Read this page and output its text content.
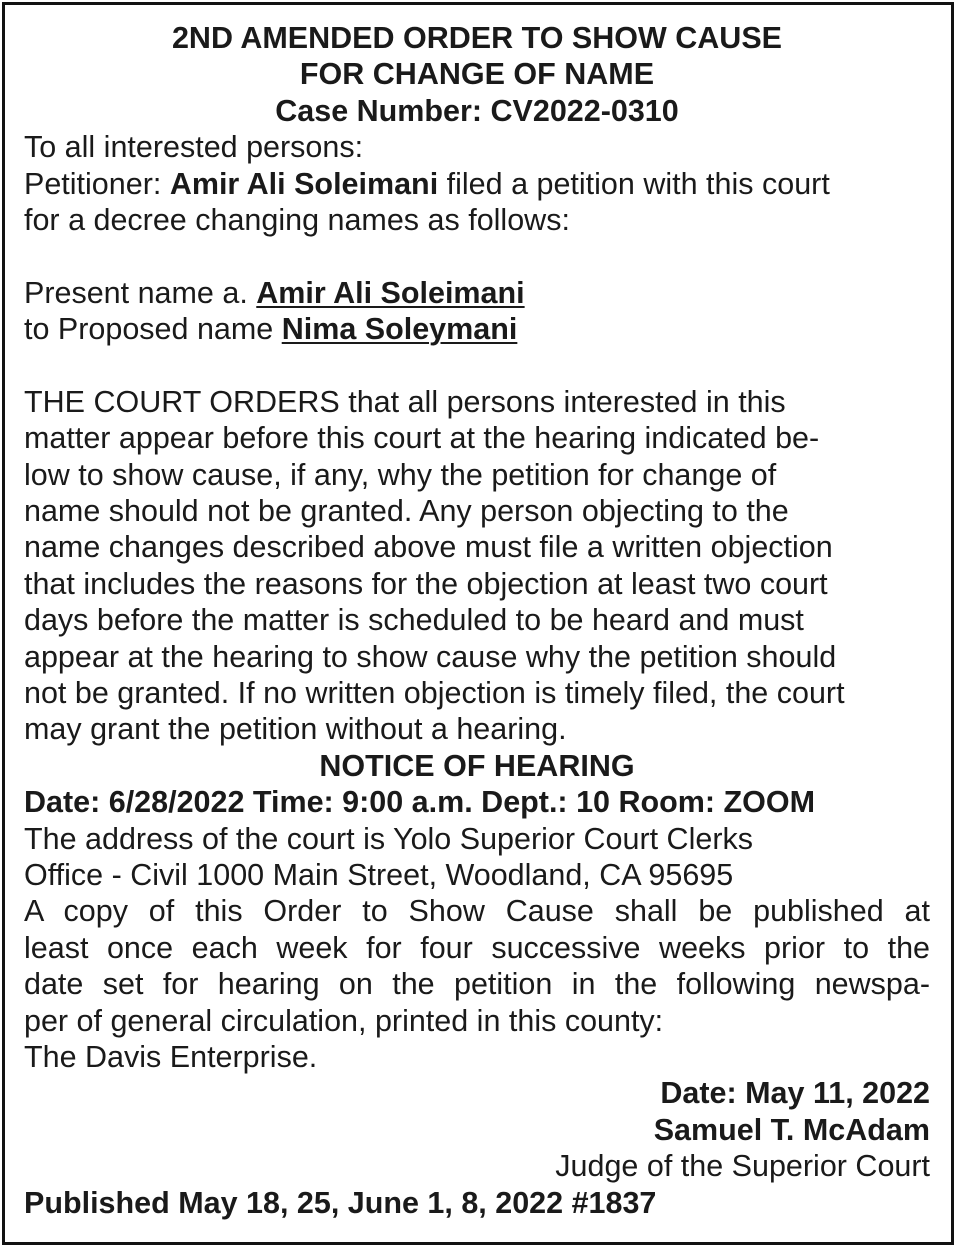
2ND AMENDED ORDER TO SHOW CAUSE
FOR CHANGE OF NAME
Case Number: CV2022-0310
To all interested persons:
Petitioner: Amir Ali Soleimani filed a petition with this court
for a decree changing names as follows:
Present name a. Amir Ali Soleimani
to Proposed name Nima Soleymani
THE COURT ORDERS that all persons interested in this
matter appear before this court at the hearing indicated be-
low to show cause, if any, why the petition for change of
name should not be granted. Any person objecting to the
name changes described above must file a written objection
that includes the reasons for the objection at least two court
days before the matter is scheduled to be heard and must
appear at the hearing to show cause why the petition should
not be granted. If no written objection is timely filed, the court
may grant the petition without a hearing.
NOTICE OF HEARING
Date: 6/28/2022 Time: 9:00 a.m. Dept.: 10 Room: ZOOM
The address of the court is Yolo Superior Court Clerks
Office - Civil 1000 Main Street, Woodland, CA 95695
A copy of this Order to Show Cause shall be published at
least once each week for four successive weeks prior to the
date set for hearing on the petition in the following newspa-
per of general circulation, printed in this county:
The Davis Enterprise.
Date: May 11, 2022
Samuel T. McAdam
Judge of the Superior Court
Published May 18, 25, June 1, 8, 2022 #1837
